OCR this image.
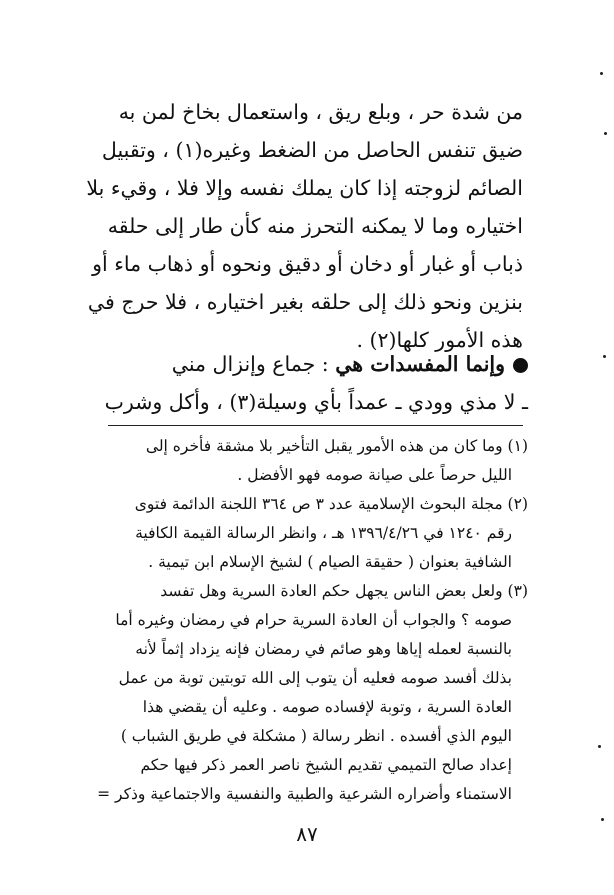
من شدة حر ، وبلع ريق ، واستعمال بخاخ لمن به
ضيق تنفس الحاصل من الضغط وغيره(١) ، وتقبيل
الصائم لزوجته إذا كان يملك نفسه وإلا فلا ، وقيء بلا
اختياره وما لا يمكنه التحرز منه كأن طار إلى حلقه
ذباب أو غبار أو دخان أو دقيق ونحوه أو ذهاب ماء أو
بنزين ونحو ذلك إلى حلقه بغير اختياره ، فلا حرج في
هذه الأمور كلها(٢) .
وإنما المفسدات هي : جماع وإنزال مني
ـ لا مذي وودي ـ عمداً بأي وسيلة(٣) ، وأكل وشرب
(١) وما كان من هذه الأمور يقبل التأخير بلا مشقة فأخره إلى
الليل حرصاً على صيانة صومه فهو الأفضل .
(٢) مجلة البحوث الإسلامية عدد ٣ ص ٣٦٤ اللجنة الدائمة فتوى
رقم ١٢٤٠ في ١٣٩٦/٤/٢٦ هـ ، وانظر الرسالة القيمة الكافية
الشافية بعنوان ( حقيقة الصيام ) لشيخ الإسلام ابن تيمية .
(٣) ولعل بعض الناس يجهل حكم العادة السرية وهل تفسد
صومه ؟ والجواب أن العادة السرية حرام في رمضان وغيره أما
بالنسبة لعمله إياها وهو صائم في رمضان فإنه يزداد إثماً لأنه
بذلك أفسد صومه فعليه أن يتوب إلى الله توبتين توبة من عمل
العادة السرية ، وتوبة لإفساده صومه . وعليه أن يقضي هذا
اليوم الذي أفسده . انظر رسالة ( مشكلة في طريق الشباب )
إعداد صالح التميمي تقديم الشيخ ناصر العمر ذكر فيها حكم
الاستمناء وأضراره الشرعية والطبية والنفسية والاجتماعية وذكر =
٨٧
